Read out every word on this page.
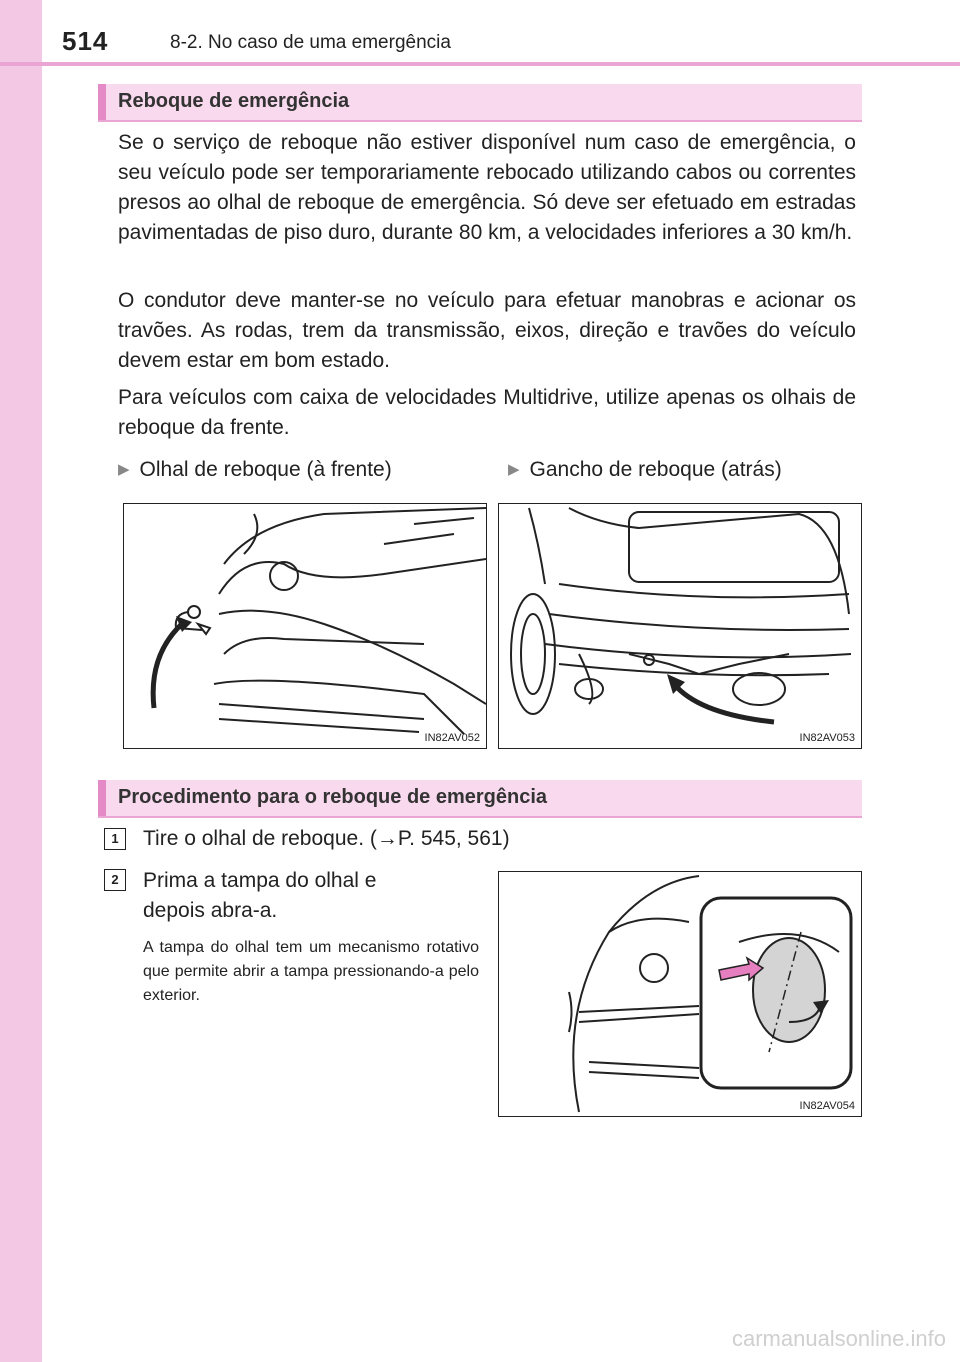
514	8-2. No caso de uma emergência
Reboque de emergência

Se o serviço de reboque não estiver disponível num caso de emergência, o seu veículo pode ser temporariamente rebocado utilizando cabos ou correntes presos ao olhal de reboque de emergência. Só deve ser efetuado em estradas pavimentadas de piso duro, durante 80 km, a velocidades inferiores a 30 km/h.

O condutor deve manter-se no veículo para efetuar manobras e acionar os travões. As rodas, trem da transmissão, eixos, direção e travões do veículo devem estar em bom estado.

Para veículos com caixa de velocidades Multidrive, utilize apenas os olhais de reboque da frente.

▶ Olhal de reboque (à frente)	▶ Gancho de reboque (atrás)
IN82AV052	IN82AV053
Procedimento para o reboque de emergência
1	Tire o olhal de reboque. (→P. 545, 561)
2	Prima a tampa do olhal e
depois abra-a.

A tampa do olhal tem um mecanismo rotativo que permite abrir a tampa pressionando-a pelo exterior.

IN82AV054
carmanualsonline.info
